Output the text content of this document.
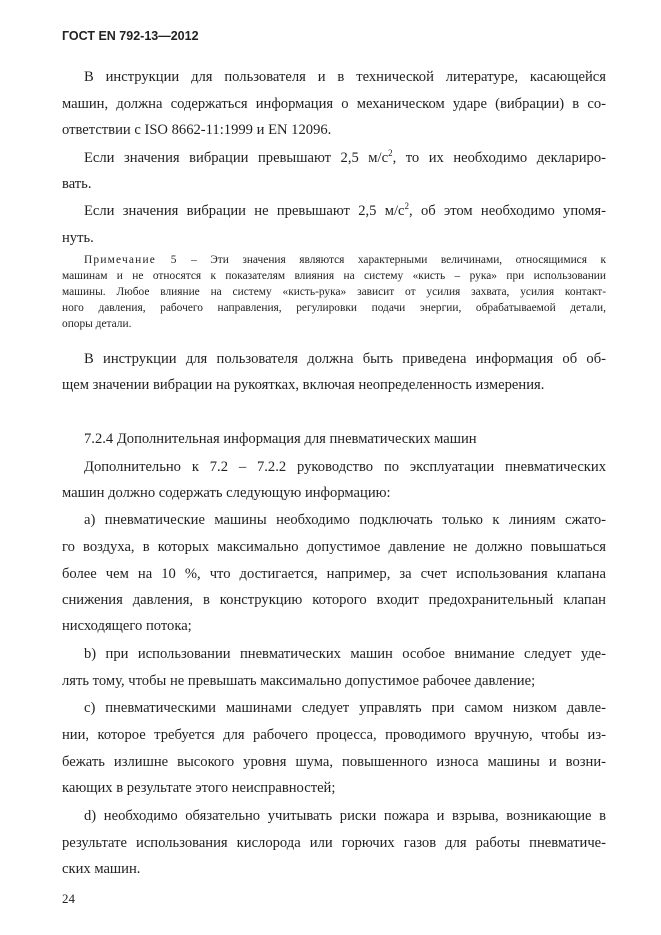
ГОСТ EN 792-13—2012
В инструкции для пользователя и в технической литературе, касающейся
машин, должна содержаться информация о механическом ударе (вибрации) в со-
ответствии с ISO 8662-11:1999 и EN 12096.
Если значения вибрации превышают 2,5 $м/с^2$, то их необходимо деклариро-
вать.
Если значения вибрации не превышают 2,5 $м/с^2$, об этом необходимо упомя-
нуть.
Примечание 5 – Эти значения являются характерными величинами, относящимися к
машинам и не относятся к показателям влияния на систему «кисть – рука» при использовании
машины. Любое влияние на систему «кисть-рука» зависит от усилия захвата, усилия контакт-
ного давления, рабочего направления, регулировки подачи энергии, обрабатываемой детали,
опоры детали.
В инструкции для пользователя должна быть приведена информация об об-
щем значении вибрации на рукоятках, включая неопределенность измерения.
7.2.4 Дополнительная информация для пневматических машин
Дополнительно к 7.2 – 7.2.2 руководство по эксплуатации пневматических
машин должно содержать следующую информацию:
а) пневматические машины необходимо подключать только к линиям сжато-
го воздуха, в которых максимально допустимое давление не должно повышаться
более чем на 10 %, что достигается, например, за счет использования клапана
снижения давления, в конструкцию которого входит предохранительный клапан
нисходящего потока;
b) при использовании пневматических машин особое внимание следует уде-
лять тому, чтобы не превышать максимально допустимое рабочее давление;
с) пневматическими машинами следует управлять при самом низком давле-
нии, которое требуется для рабочего процесса, проводимого вручную, чтобы из-
бежать излишне высокого уровня шума, повышенного износа машины и возни-
кающих в результате этого неисправностей;
d) необходимо обязательно учитывать риски пожара и взрыва, возникающие в
результате использования кислорода или горючих газов для работы пневматиче-
ских машин.
24
